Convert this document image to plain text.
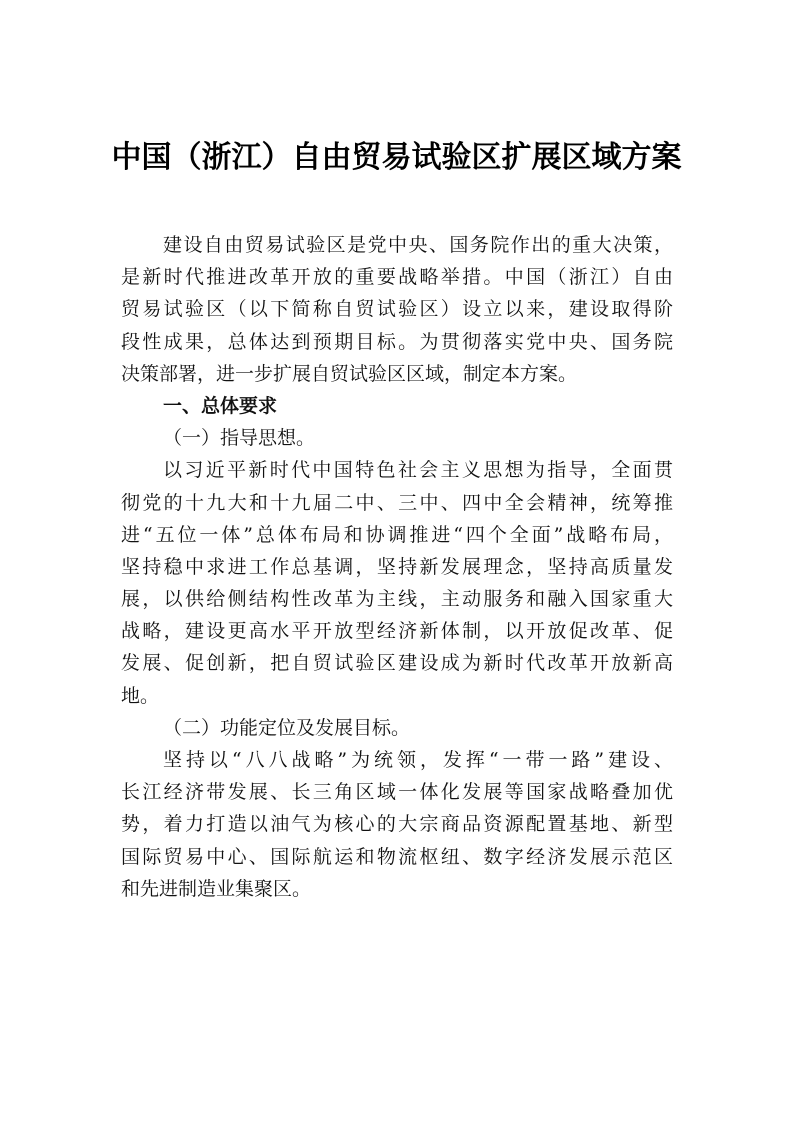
中国（浙江）自由贸易试验区扩展区域方案
建设自由贸易试验区是党中央、国务院作出的重大决策，
是新时代推进改革开放的重要战略举措。中国（浙江）自由
贸易试验区（以下简称自贸试验区）设立以来，建设取得阶
段性成果，总体达到预期目标。为贯彻落实党中央、国务院
决策部署，进一步扩展自贸试验区区域，制定本方案。
一、总体要求
（一）指导思想。
以习近平新时代中国特色社会主义思想为指导，全面贯
彻党的十九大和十九届二中、三中、四中全会精神，统筹推
进“五位一体”总体布局和协调推进“四个全面”战略布局，
坚持稳中求进工作总基调，坚持新发展理念，坚持高质量发
展，以供给侧结构性改革为主线，主动服务和融入国家重大
战略，建设更高水平开放型经济新体制，以开放促改革、促
发展、促创新，把自贸试验区建设成为新时代改革开放新高
地。
（二）功能定位及发展目标。
坚持以“八八战略”为统领，发挥“一带一路”建设、
长江经济带发展、长三角区域一体化发展等国家战略叠加优
势，着力打造以油气为核心的大宗商品资源配置基地、新型
国际贸易中心、国际航运和物流枢纽、数字经济发展示范区
和先进制造业集聚区。
